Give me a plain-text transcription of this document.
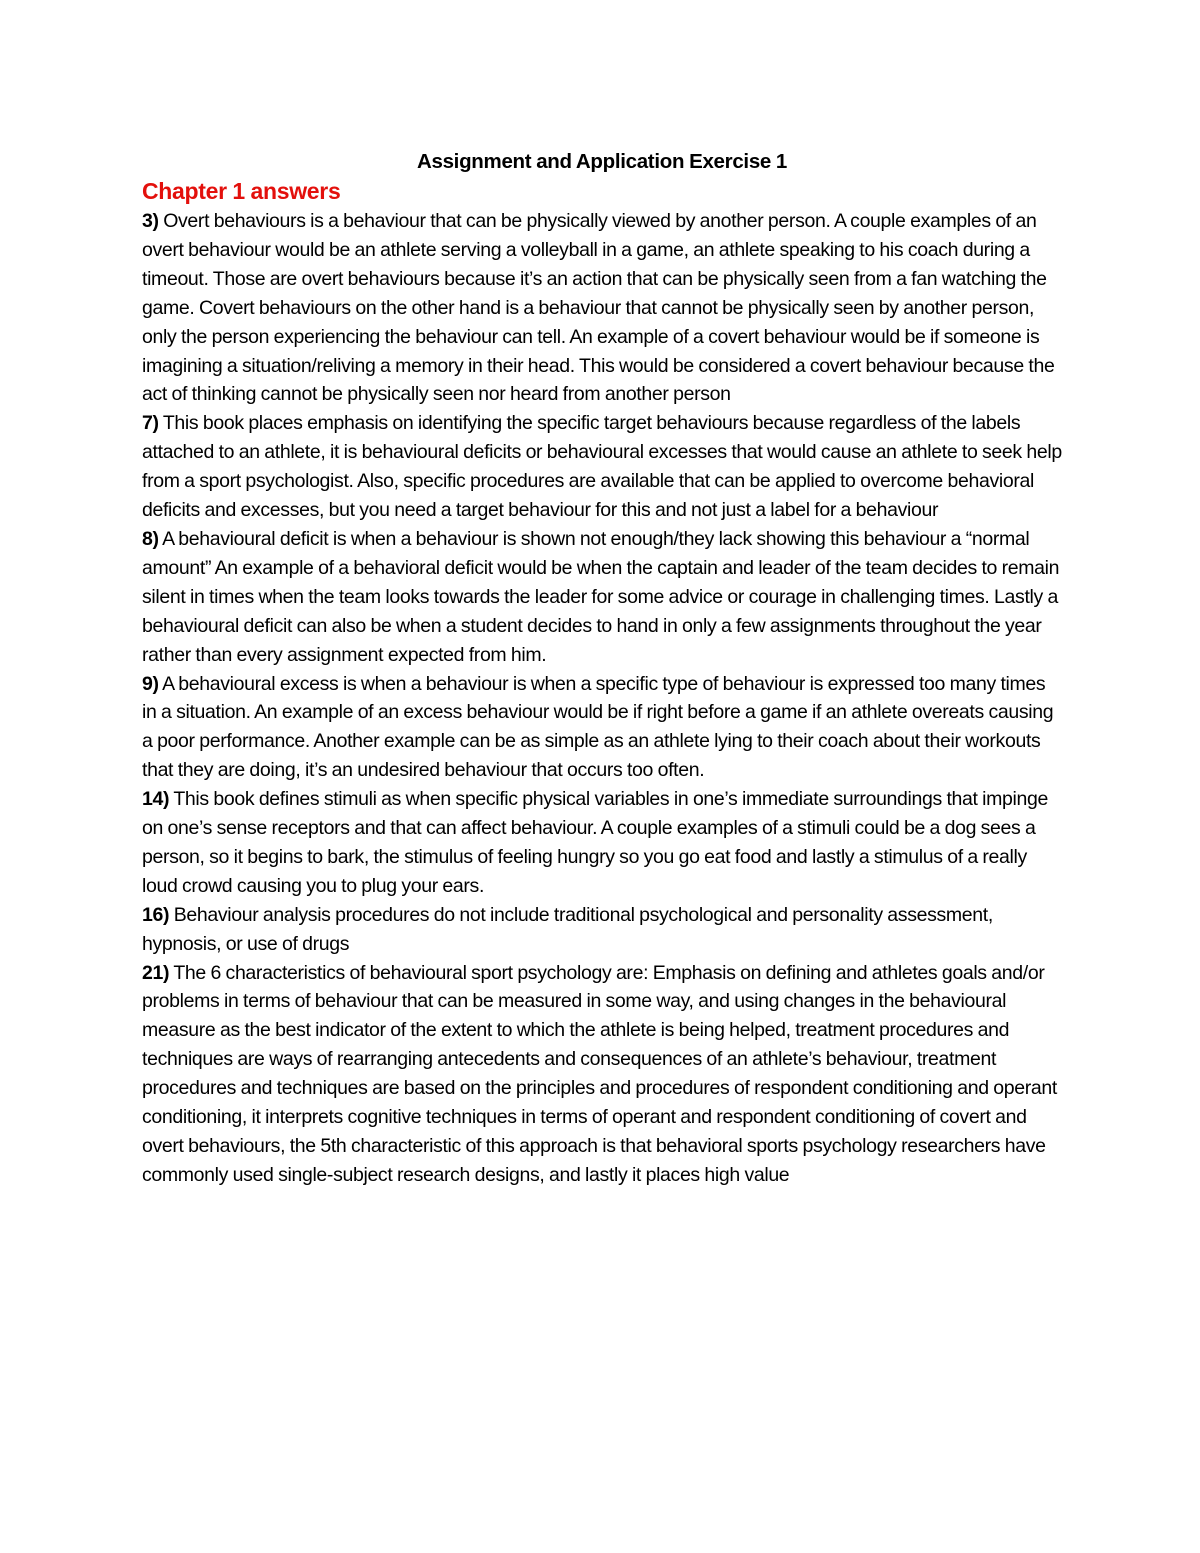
Assignment and Application Exercise 1

Chapter 1 answers

3) Overt behaviours is a behaviour that can be physically viewed by another person. A couple examples of an overt behaviour would be an athlete serving a volleyball in a game, an athlete speaking to his coach during a timeout. Those are overt behaviours because it’s an action that can be physically seen from a fan watching the game. Covert behaviours on the other hand is a behaviour that cannot be physically seen by another person, only the person experiencing the behaviour can tell. An example of a covert behaviour would be if someone is imagining a situation/reliving a memory in their head. This would be considered a covert behaviour because the act of thinking cannot be physically seen nor heard from another person

7) This book places emphasis on identifying the specific target behaviours because regardless of the labels attached to an athlete, it is behavioural deficits or behavioural excesses that would cause an athlete to seek help from a sport psychologist. Also, specific procedures are available that can be applied to overcome behavioral deficits and excesses, but you need a target behaviour for this and not just a label for a behaviour

8) A behavioural deficit is when a behaviour is shown not enough/they lack showing this behaviour a “normal amount” An example of a behavioral deficit would be when the captain and leader of the team decides to remain silent in times when the team looks towards the leader for some advice or courage in challenging times. Lastly a behavioural deficit can also be when a student decides to hand in only a few assignments throughout the year rather than every assignment expected from him.

9) A behavioural excess is when a behaviour is when a specific type of behaviour is expressed too many times in a situation. An example of an excess behaviour would be if right before a game if an athlete overeats causing a poor performance. Another example can be as simple as an athlete lying to their coach about their workouts that they are doing, it’s an undesired behaviour that occurs too often.

14) This book defines stimuli as when specific physical variables in one’s immediate surroundings that impinge on one’s sense receptors and that can affect behaviour. A couple examples of a stimuli could be a dog sees a person, so it begins to bark, the stimulus of feeling hungry so you go eat food and lastly a stimulus of a really loud crowd causing you to plug your ears.

16) Behaviour analysis procedures do not include traditional psychological and personality assessment, hypnosis, or use of drugs

21) The 6 characteristics of behavioural sport psychology are: Emphasis on defining and athletes goals and/or problems in terms of behaviour that can be measured in some way, and using changes in the behavioural measure as the best indicator of the extent to which the athlete is being helped, treatment procedures and techniques are ways of rearranging antecedents and consequences of an athlete’s behaviour, treatment procedures and techniques are based on the principles and procedures of respondent conditioning and operant conditioning, it interprets cognitive techniques in terms of operant and respondent conditioning of covert and overt behaviours, the 5th characteristic of this approach is that behavioral sports psychology researchers have commonly used single-subject research designs, and lastly it places high value
